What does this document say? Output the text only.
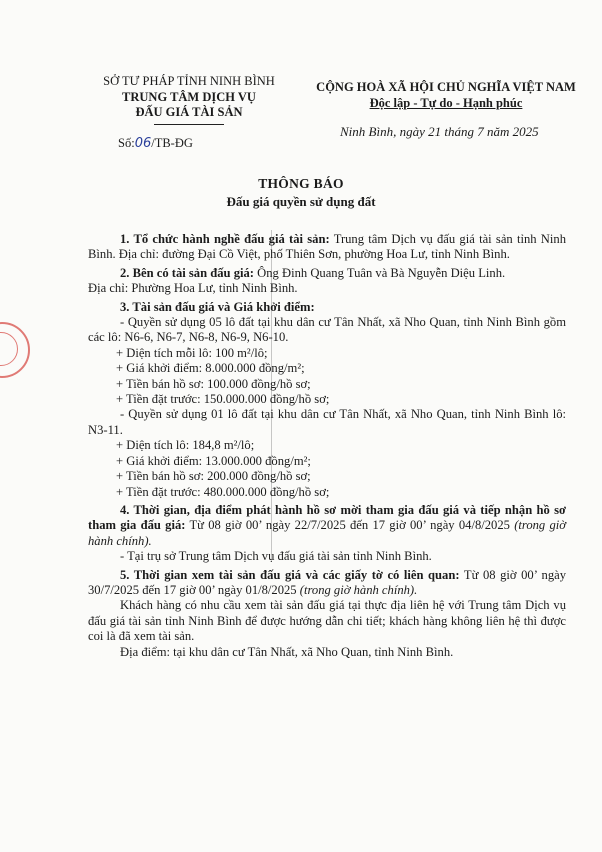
SỞ TƯ PHÁP TỈNH NINH BÌNH
TRUNG TÂM DỊCH VỤ
ĐẤU GIÁ TÀI SẢN
Số:06/TB-ĐG
CỘNG HOÀ XÃ HỘI CHỦ NGHĨA VIỆT NAM
Độc lập - Tự do - Hạnh phúc
Ninh Bình, ngày 21 tháng 7 năm 2025
THÔNG BÁO
Đấu giá quyền sử dụng đất

1. Tổ chức hành nghề đấu giá tài sản: Trung tâm Dịch vụ đấu giá tài sản tỉnh Ninh Bình. Địa chỉ: đường Đại Cồ Việt, phố Thiên Sơn, phường Hoa Lư, tỉnh Ninh Bình.

2. Bên có tài sản đấu giá: Ông Đinh Quang Tuân và Bà Nguyễn Diệu Linh.

Địa chỉ: Phường Hoa Lư, tỉnh Ninh Bình.

3. Tài sản đấu giá và Giá khởi điểm:

- Quyền sử dụng 05 lô đất tại khu dân cư Tân Nhất, xã Nho Quan, tỉnh Ninh Bình gồm các lô: N6-6, N6-7, N6-8, N6-9, N6-10.

+ Diện tích mỗi lô: 100 m²/lô;

+ Giá khởi điểm: 8.000.000 đồng/m²;

+ Tiền bán hồ sơ: 100.000 đồng/hồ sơ;

+ Tiền đặt trước: 150.000.000 đồng/hồ sơ;

- Quyền sử dụng 01 lô đất tại khu dân cư Tân Nhất, xã Nho Quan, tỉnh Ninh Bình lô: N3-11.

+ Diện tích lô: 184,8 m²/lô;

+ Giá khởi điểm: 13.000.000 đồng/m²;

+ Tiền bán hồ sơ: 200.000 đồng/hồ sơ;

+ Tiền đặt trước: 480.000.000 đồng/hồ sơ;

4. Thời gian, địa điểm phát hành hồ sơ mời tham gia đấu giá và tiếp nhận hồ sơ tham gia đấu giá: Từ 08 giờ 00’ ngày 22/7/2025 đến 17 giờ 00’ ngày 04/8/2025 (trong giờ hành chính).

- Tại trụ sở Trung tâm Dịch vụ đấu giá tài sản tỉnh Ninh Bình.

5. Thời gian xem tài sản đấu giá và các giấy tờ có liên quan: Từ 08 giờ 00’ ngày 30/7/2025 đến 17 giờ 00’ ngày 01/8/2025 (trong giờ hành chính).

Khách hàng có nhu cầu xem tài sản đấu giá tại thực địa liên hệ với Trung tâm Dịch vụ đấu giá tài sản tỉnh Ninh Bình để được hướng dẫn chi tiết; khách hàng không liên hệ thì được coi là đã xem tài sản.

Địa điểm: tại khu dân cư Tân Nhất, xã Nho Quan, tỉnh Ninh Bình.
